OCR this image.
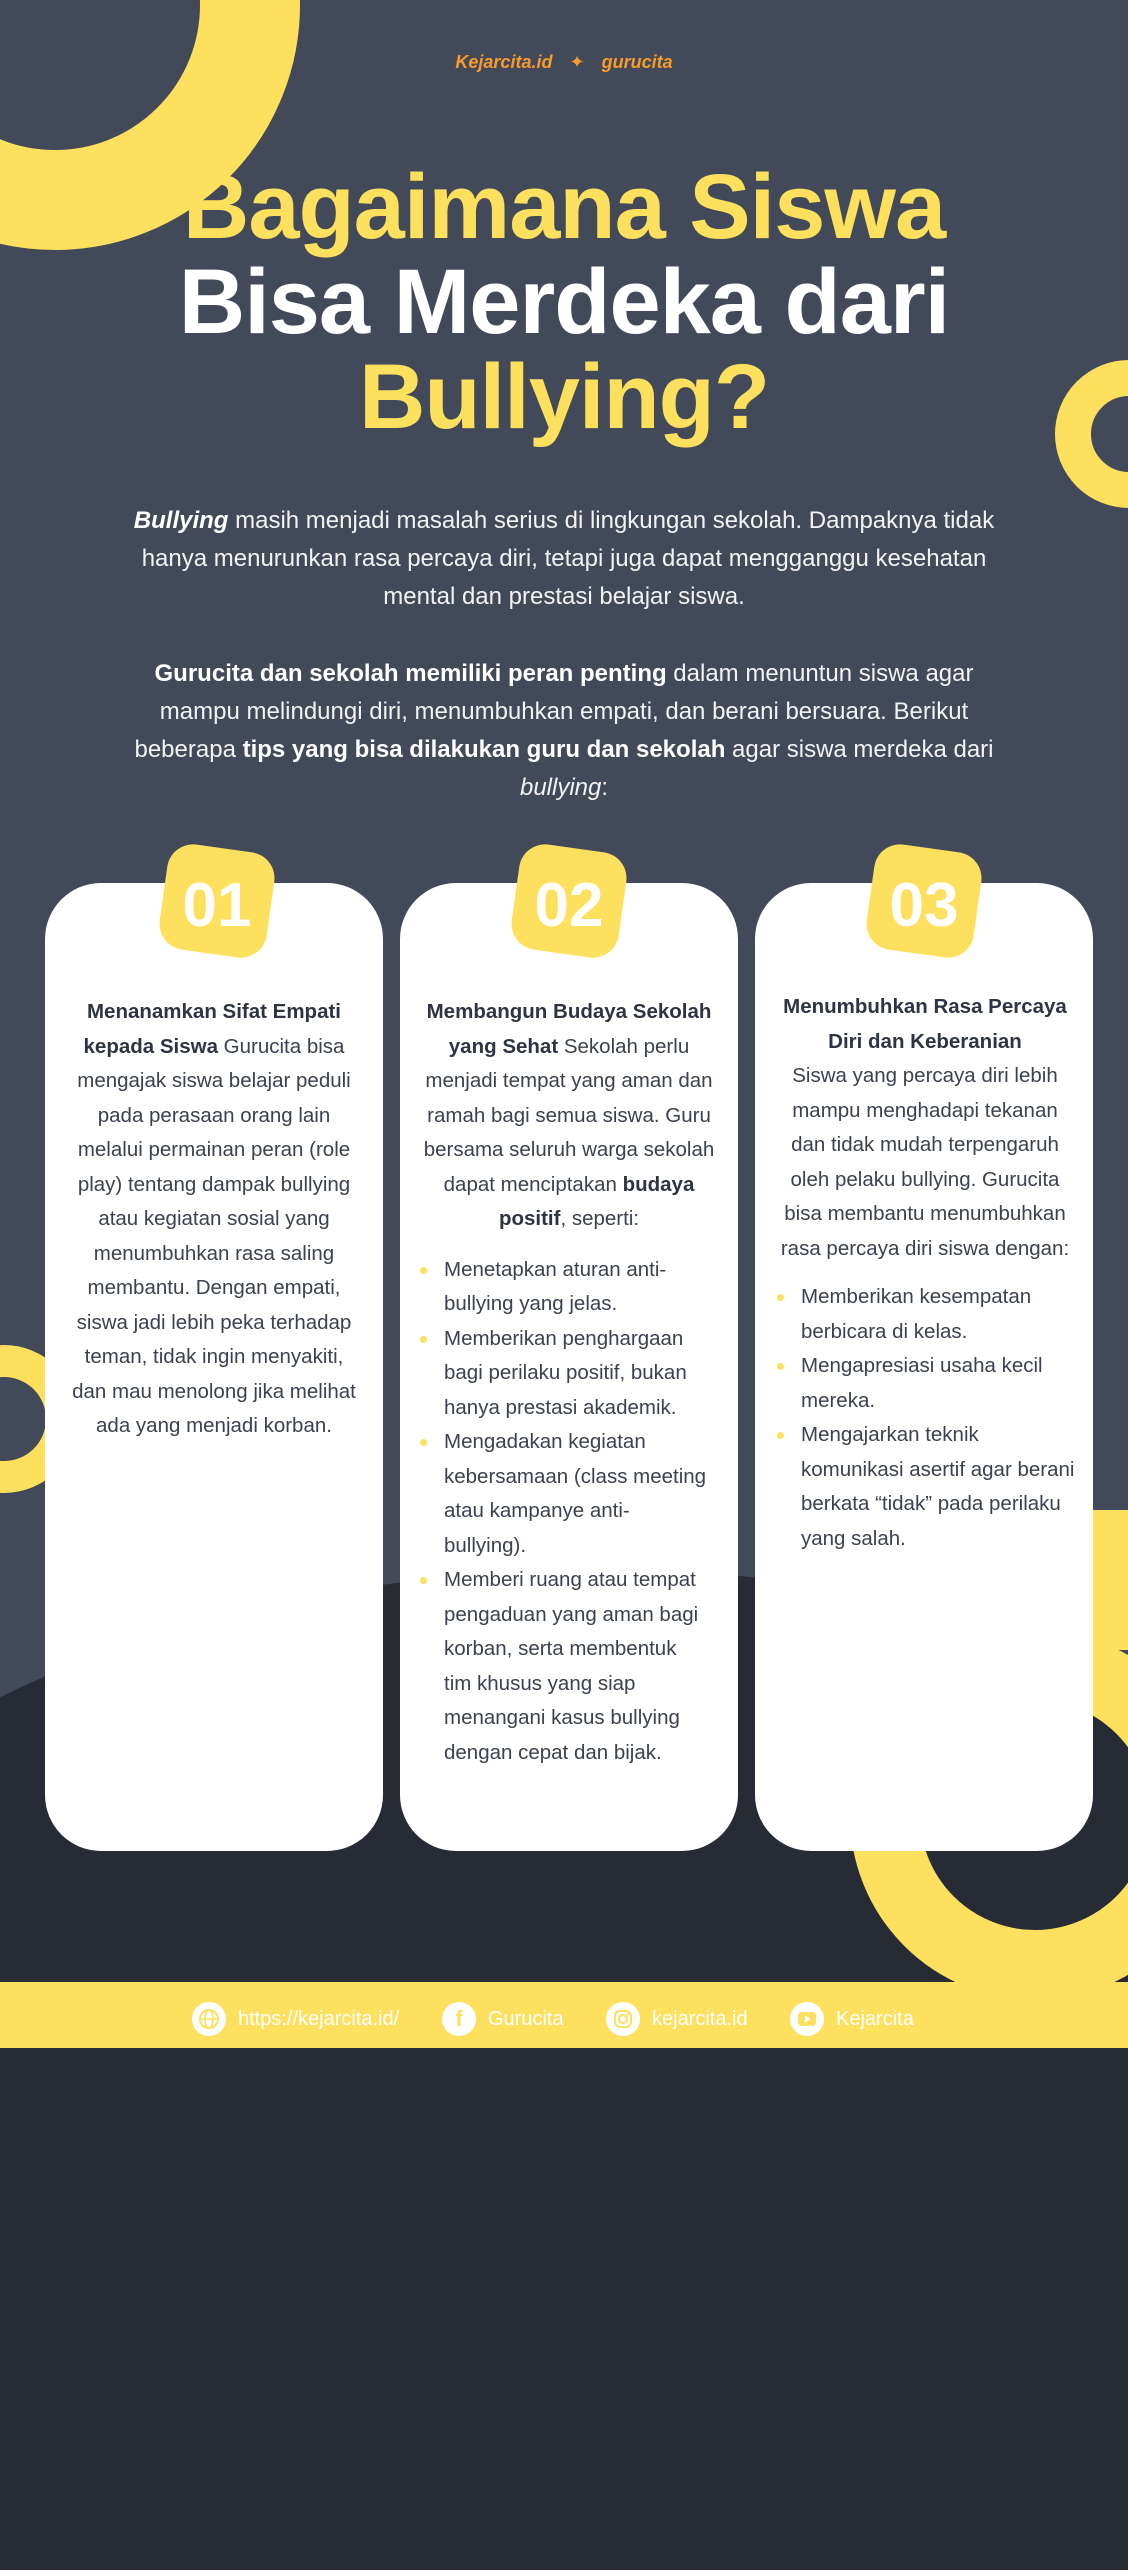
Kejarcita.id ✦ gurucita
Bagaimana Siswa
Bisa Merdeka dari
Bullying?
Bullying masih menjadi masalah serius di lingkungan sekolah. Dampaknya tidak hanya menurunkan rasa percaya diri, tetapi juga dapat mengganggu kesehatan mental dan prestasi belajar siswa.
Gurucita dan sekolah memiliki peran penting dalam menuntun siswa agar mampu melindungi diri, menumbuhkan empati, dan berani bersuara. Berikut beberapa tips yang bisa dilakukan guru dan sekolah agar siswa merdeka dari bullying:
01
Menanamkan Sifat Empati kepada Siswa Gurucita bisa mengajak siswa belajar peduli pada perasaan orang lain melalui permainan peran (role play) tentang dampak bullying atau kegiatan sosial yang menumbuhkan rasa saling membantu. Dengan empati, siswa jadi lebih peka terhadap teman, tidak ingin menyakiti, dan mau menolong jika melihat ada yang menjadi korban.
02
Membangun Budaya Sekolah yang Sehat Sekolah perlu menjadi tempat yang aman dan ramah bagi semua siswa. Guru bersama seluruh warga sekolah dapat menciptakan budaya positif, seperti:
Menetapkan aturan anti-bullying yang jelas.
Memberikan penghargaan bagi perilaku positif, bukan hanya prestasi akademik.
Mengadakan kegiatan kebersamaan (class meeting atau kampanye anti-bullying).
Memberi ruang atau tempat pengaduan yang aman bagi korban, serta membentuk tim khusus yang siap menangani kasus bullying dengan cepat dan bijak.
03
Menumbuhkan Rasa Percaya Diri dan Keberanian
Siswa yang percaya diri lebih mampu menghadapi tekanan dan tidak mudah terpengaruh oleh pelaku bullying. Gurucita bisa membantu menumbuhkan rasa percaya diri siswa dengan:
Memberikan kesempatan berbicara di kelas.
Mengapresiasi usaha kecil mereka.
Mengajarkan teknik komunikasi asertif agar berani berkata “tidak” pada perilaku yang salah.
https://kejarcita.id/	f	Gurucita	kejarcita.id	Kejarcita
